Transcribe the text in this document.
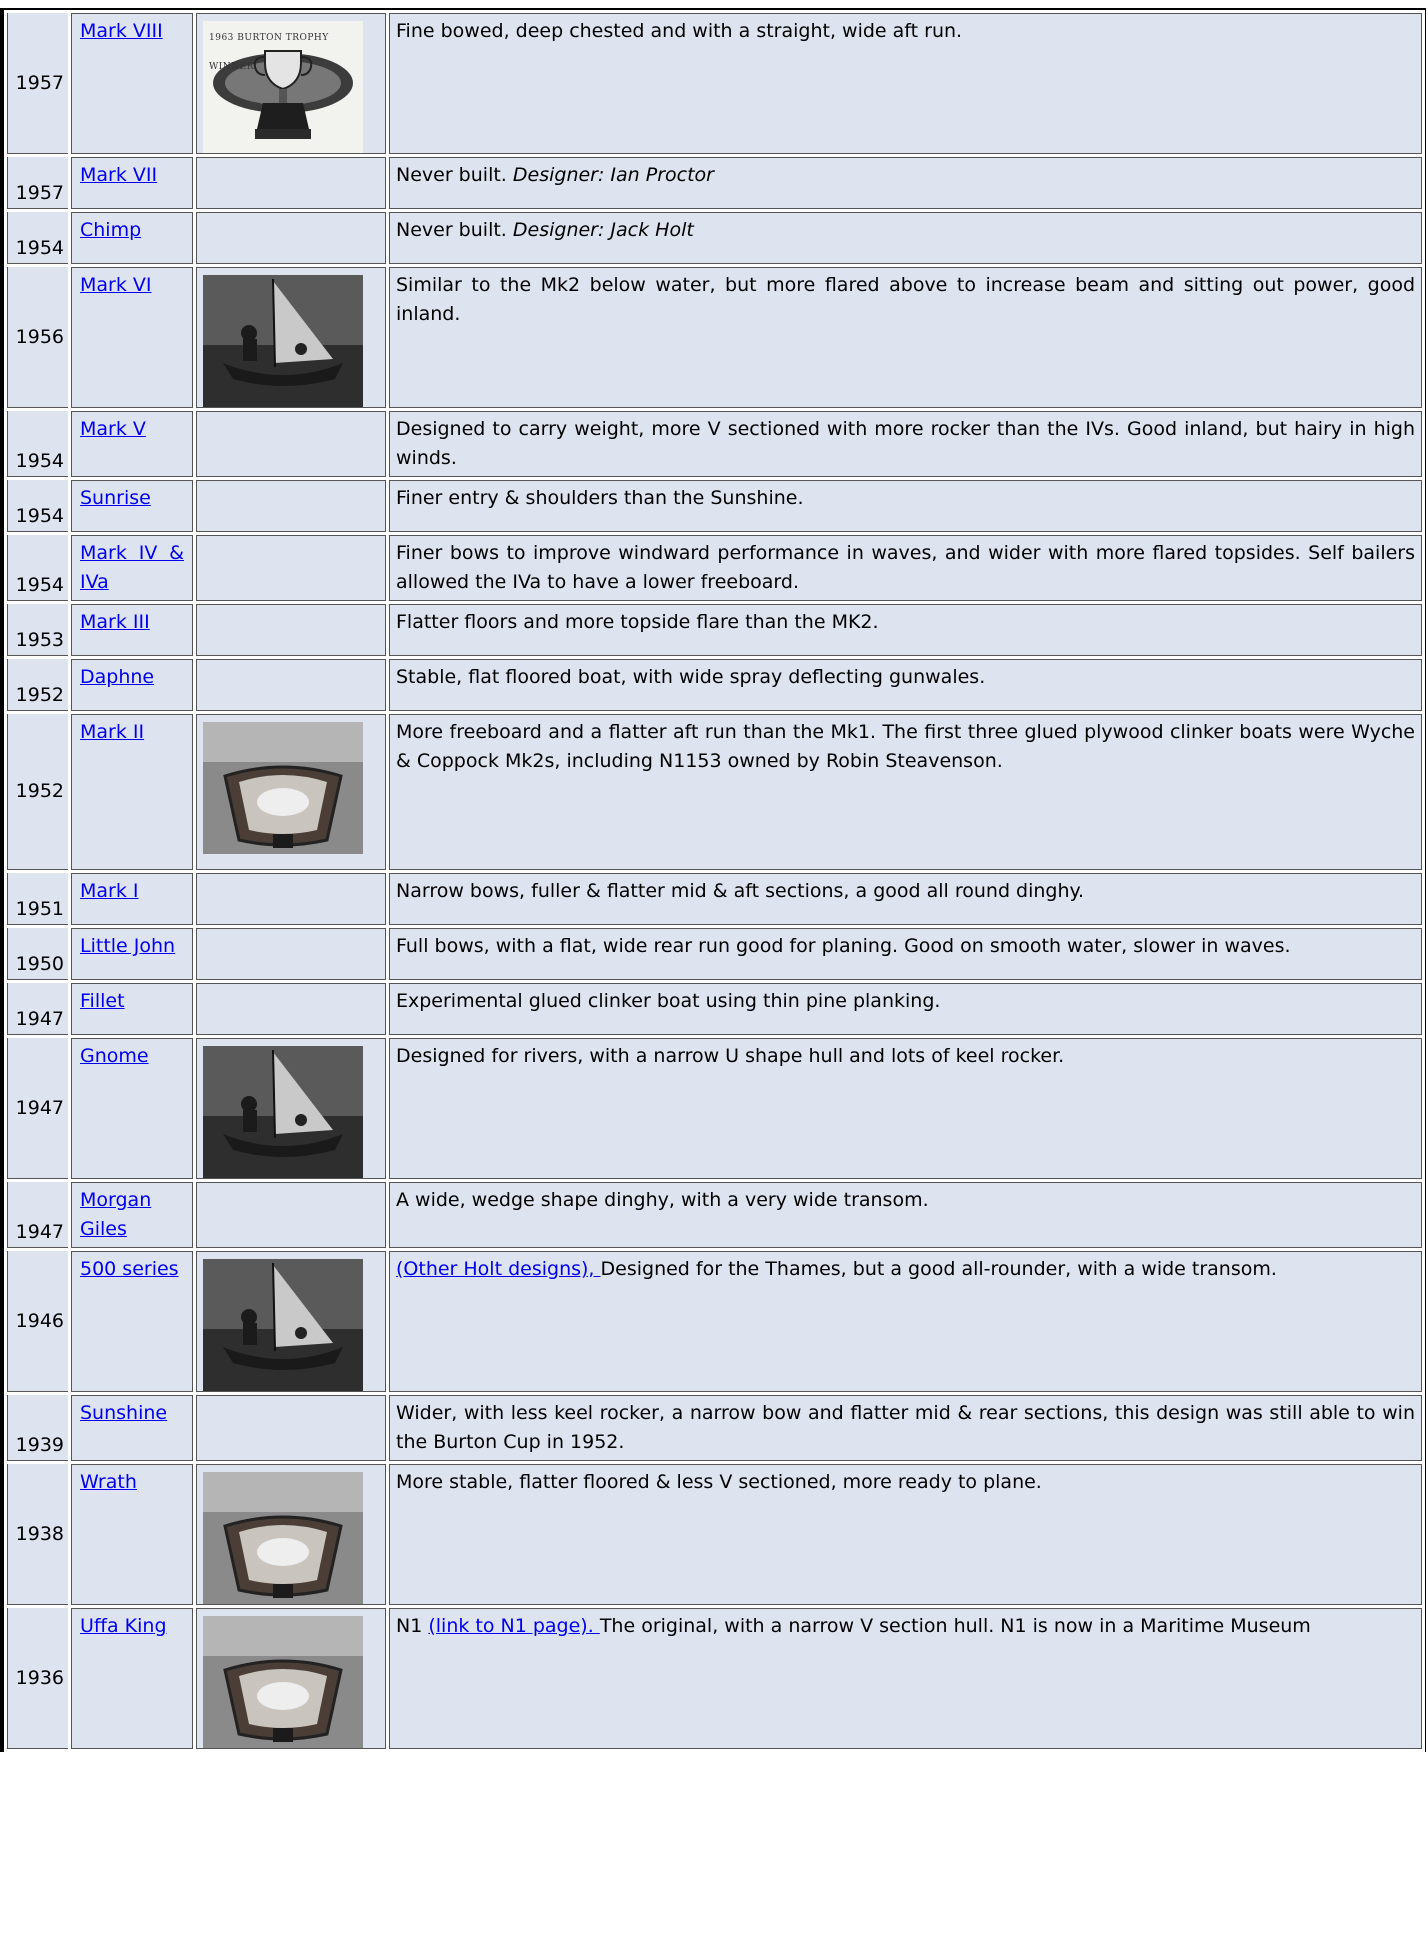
1957	Mark VIII	1963 BURTON TROPHY WINNER	Fine bowed, deep chested and with a straight, wide aft run.
1957	Mark VII		Never built. Designer: Ian Proctor
1954	Chimp		Never built. Designer: Jack Holt
1956	Mark VI		Similar to the Mk2 below water, but more flared above to increase beam and sitting out power, good inland.
1954	Mark V		Designed to carry weight, more V sectioned with more rocker than the IVs. Good inland, but hairy in high winds.
1954	Sunrise		Finer entry & shoulders than the Sunshine.
1954	Mark IV & IVa		Finer bows to improve windward performance in waves, and wider with more flared topsides. Self bailers allowed the IVa to have a lower freeboard.
1953	Mark III		Flatter floors and more topside flare than the MK2.
1952	Daphne		Stable, flat floored boat, with wide spray deflecting gunwales.
1952	Mark II		More freeboard and a flatter aft run than the Mk1. The first three glued plywood clinker boats were Wyche & Coppock Mk2s, including N1153 owned by Robin Steavenson.
1951	Mark I		Narrow bows, fuller & flatter mid & aft sections, a good all round dinghy.
1950	Little John		Full bows, with a flat, wide rear run good for planing. Good on smooth water, slower in waves.
1947	Fillet		Experimental glued clinker boat using thin pine planking.
1947	Gnome		Designed for rivers, with a narrow U shape hull and lots of keel rocker.
1947	Morgan Giles		A wide, wedge shape dinghy, with a very wide transom.
1946	500 series		(Other Holt designs), Designed for the Thames, but a good all-rounder, with a wide transom.
1939	Sunshine		Wider, with less keel rocker, a narrow bow and flatter mid & rear sections, this design was still able to win the Burton Cup in 1952.
1938	Wrath		More stable, flatter floored & less V sectioned, more ready to plane.
1936	Uffa King		N1 (link to N1 page). The original, with a narrow V section hull. N1 is now in a Maritime Museum
